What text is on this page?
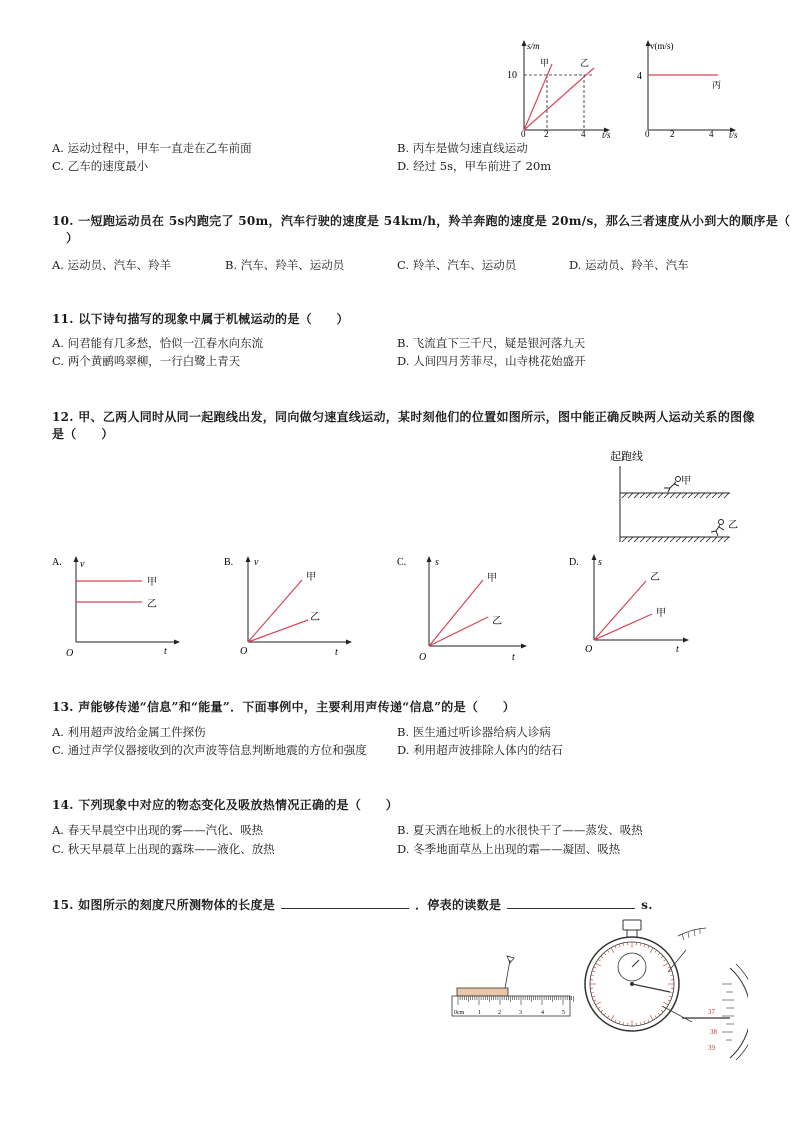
s/m
10
甲	乙
0 2	4 t/s
v(m/s)
4
丙
0 2	4 t/s
A. 运动过程中，甲车一直走在乙车前面	B. 丙车是做匀速直线运动
C. 乙车的速度最小	D. 经过 5s，甲车前进了 20m
10. 一短跑运动员在 5s内跑完了 50m，汽车行驶的速度是 54km/h，羚羊奔跑的速度是 20m/s，那么三者速度从小到大的顺序是（
）
A. 运动员、汽车、羚羊	B. 汽车、羚羊、运动员	C. 羚羊、汽车、运动员	D. 运动员、羚羊、汽车
11. 以下诗句描写的现象中属于机械运动的是（　　）
A. 问君能有几多愁，恰似一江春水向东流	B. 飞流直下三千尺，疑是银河落九天
C. 两个黄鹂鸣翠柳，一行白鹭上青天	D. 人间四月芳菲尽，山寺桃花始盛开
12. 甲、乙两人同时从同一起跑线出发，同向做匀速直线运动，某时刻他们的位置如图所示，图中能正确反映两人运动关系的图像
是（　　）
起跑线
甲
乙
A. v
甲
乙
O	t
B. v
甲
乙
O	t
C.	s
甲
乙
O	t
D. s
乙
甲
O	t
13. 声能够传递“信息”和“能量”．下面事例中，主要利用声传递“信息”的是（　　）
A. 利用超声波给金属工件探伤	B. 医生通过听诊器给病人诊病
C. 通过声学仪器接收到的次声波等信息判断地震的方位和强度	D. 利用超声波排除人体内的结石
14. 下列现象中对应的物态变化及吸放热情况正确的是（　　）
A. 春天早晨空中出现的雾——汽化、吸热	B. 夏天洒在地板上的水很快干了——蒸发、吸热
C. 秋天早晨草上出现的露珠——液化、放热	D. 冬季地面草丛上出现的霜——凝固、吸热
15. 如图所示的刻度尺所测物体的长度是	．停表的读数是	s.
0cm 1	2	3	4	5	37
38
39
